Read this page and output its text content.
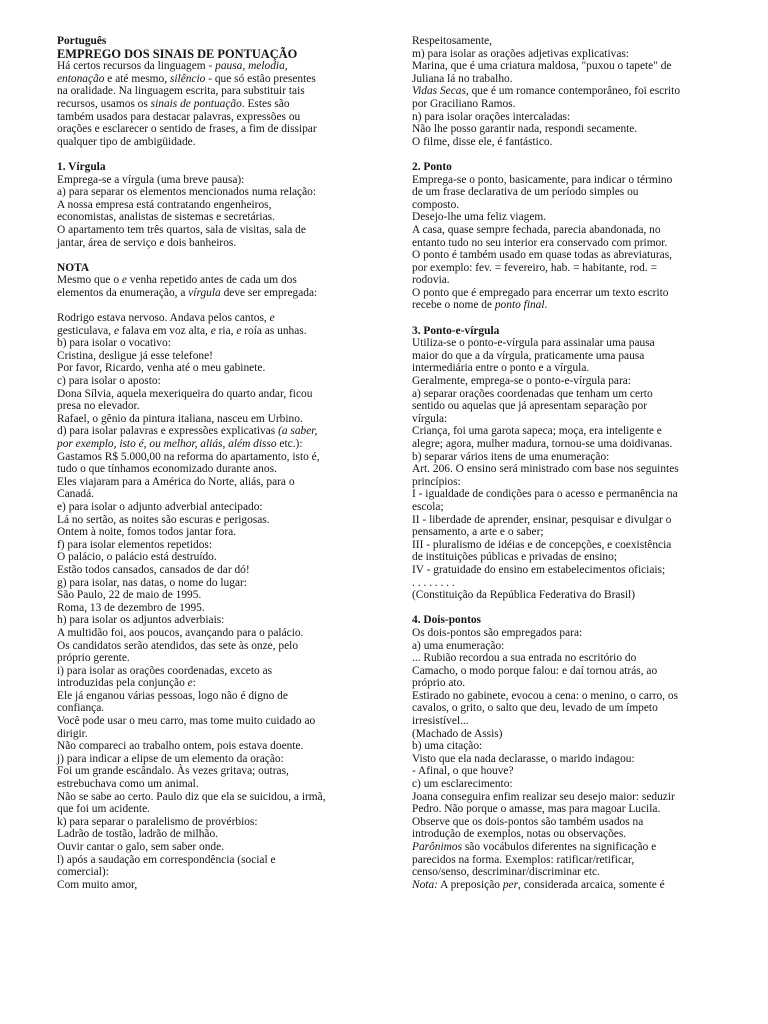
Português

EMPREGO DOS SINAIS DE PONTUAÇÃO

Há certos recursos da linguagem - pausa, melodia,

entonação e até mesmo, silêncio - que só estão presentes

na oralidade. Na linguagem escrita, para substituir tais

recursos, usamos os sinais de pontuação. Estes são

também usados para destacar palavras, expressões ou

orações e esclarecer o sentido de frases, a fim de dissipar

qualquer tipo de ambigüidade.

1. Vírgula

Emprega-se a vírgula (uma breve pausa):

a) para separar os elementos mencionados numa relação:

A nossa empresa está contratando engenheiros,

economistas, analistas de sistemas e secretárias.

O apartamento tem três quartos, sala de visitas, sala de

jantar, área de serviço e dois banheiros.

NOTA

Mesmo que o e venha repetido antes de cada um dos

elementos da enumeração, a vírgula deve ser empregada:

Rodrigo estava nervoso. Andava pelos cantos, e

gesticulava, e falava em voz alta, e ria, e roía as unhas.

b) para isolar o vocativo:

Cristina, desligue já esse telefone!

Por favor, Ricardo, venha até o meu gabinete.

c) para isolar o aposto:

Dona Sílvia, aquela mexeriqueira do quarto andar, ficou

presa no elevador.

Rafael, o gênio da pintura italiana, nasceu em Urbino.

d) para isolar palavras e expressões explicativas (a saber,

por exemplo, isto é, ou melhor, aliás, além disso etc.):

Gastamos R$ 5.000,00 na reforma do apartamento, isto é,

tudo o que tínhamos economizado durante anos.

Eles viajaram para a América do Norte, aliás, para o

Canadá.

e) para isolar o adjunto adverbial antecipado:

Lá no sertão, as noites são escuras e perigosas.

Ontem à noite, fomos todos jantar fora.

f) para isolar elementos repetidos:

O palácio, o palácio está destruído.

Estão todos cansados, cansados de dar dó!

g) para isolar, nas datas, o nome do lugar:

São Paulo, 22 de maio de 1995.

Roma, 13 de dezembro de 1995.

h) para isolar os adjuntos adverbiais:

A multidão foi, aos poucos, avançando para o palácio.

Os candidatos serão atendidos, das sete às onze, pelo

próprio gerente.

i) para isolar as orações coordenadas, exceto as

introduzidas pela conjunção e:

Ele já enganou várias pessoas, logo não é digno de

confiança.

Você pode usar o meu carro, mas tome muito cuidado ao

dirigir.

Não compareci ao trabalho ontem, pois estava doente.

j) para indicar a elipse de um elemento da oração:

Foi um grande escândalo. Às vezes gritava; outras,

estrebuchava como um animal.

Não se sabe ao certo. Paulo diz que ela se suicidou, a irmã,

que foi um acidente.

k) para separar o paralelismo de provérbios:

Ladrão de tostão, ladrão de milhão.

Ouvir cantar o galo, sem saber onde.

l) após a saudação em correspondência (social e

comercial):

Com muito amor,

Respeitosamente,

m) para isolar as orações adjetivas explicativas:

Marina, que é uma criatura maldosa, "puxou o tapete" de

Juliana lá no trabalho.

Vidas Secas, que é um romance contemporâneo, foi escrito

por Graciliano Ramos.

n) para isolar orações intercaladas:

Não lhe posso garantir nada, respondi secamente.

O filme, disse ele, é fantástico.

2. Ponto

Emprega-se o ponto, basicamente, para indicar o término

de um frase declarativa de um período simples ou

composto.

Desejo-lhe uma feliz viagem.

A casa, quase sempre fechada, parecia abandonada, no

entanto tudo no seu interior era conservado com primor.

O ponto é também usado em quase todas as abreviaturas,

por exemplo: fev. = fevereiro, hab. = habitante, rod. =

rodovia.

O ponto que é empregado para encerrar um texto escrito

recebe o nome de ponto final.

3. Ponto-e-vírgula

Utiliza-se o ponto-e-vírgula para assinalar uma pausa

maior do que a da vírgula, praticamente uma pausa

intermediária entre o ponto e a vírgula.

Geralmente, emprega-se o ponto-e-vírgula para:

a) separar orações coordenadas que tenham um certo

sentido ou aquelas que já apresentam separação por

vírgula:

Criança, foi uma garota sapeca; moça, era inteligente e

alegre; agora, mulher madura, tornou-se uma doidivanas.

b) separar vários itens de uma enumeração:

Art. 206. O ensino será ministrado com base nos seguintes

princípios:

I - igualdade de condições para o acesso e permanência na

escola;

II - liberdade de aprender, ensinar, pesquisar e divulgar o

pensamento, a arte e o saber;

III - pluralismo de idéias e de concepções, e coexistência

de instituições públicas e privadas de ensino;

IV - gratuidade do ensino em estabelecimentos oficiais;

. . . . . . . .

(Constituição da República Federativa do Brasil)

4. Dois-pontos

Os dois-pontos são empregados para:

a) uma enumeração:

... Rubião recordou a sua entrada no escritório do

Camacho, o modo porque falou: e daí tornou atrás, ao

próprio ato.

Estirado no gabinete, evocou a cena: o menino, o carro, os

cavalos, o grito, o salto que deu, levado de um ímpeto

irresistível...

(Machado de Assis)

b) uma citação:

Visto que ela nada declarasse, o marido indagou:

- Afinal, o que houve?

c) um esclarecimento:

Joana conseguira enfim realizar seu desejo maior: seduzir

Pedro. Não porque o amasse, mas para magoar Lucila.

Observe que os dois-pontos são também usados na

introdução de exemplos, notas ou observações.

Parônimos são vocábulos diferentes na significação e

parecidos na forma. Exemplos: ratificar/retificar,

censo/senso, descriminar/discriminar etc.

Nota: A preposição per, considerada arcaica, somente é
